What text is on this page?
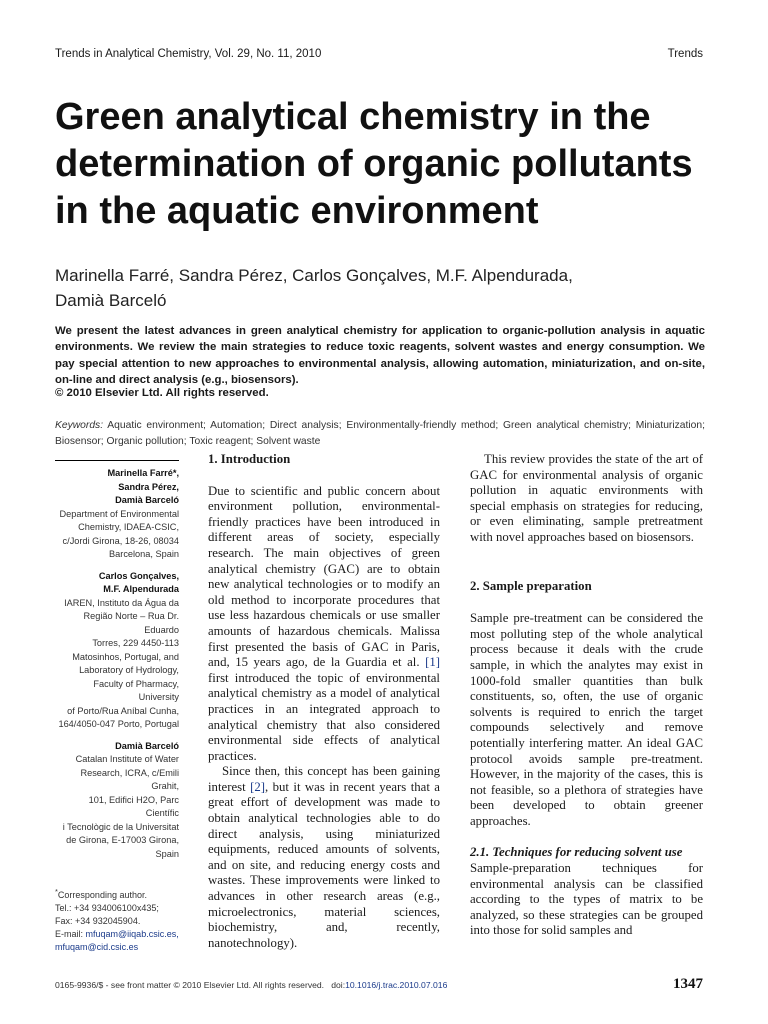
Trends in Analytical Chemistry, Vol. 29, No. 11, 2010	Trends
Green analytical chemistry in the determination of organic pollutants in the aquatic environment
Marinella Farré, Sandra Pérez, Carlos Gonçalves, M.F. Alpendurada,
Damià Barceló

We present the latest advances in green analytical chemistry for application to organic-pollution analysis in aquatic environments. We review the main strategies to reduce toxic reagents, solvent wastes and energy consumption. We pay special attention to new approaches to environmental analysis, allowing automation, miniaturization, and on-site, on-line and direct analysis (e.g., biosensors).

© 2010 Elsevier Ltd. All rights reserved.
Keywords: Aquatic environment; Automation; Direct analysis; Environmentally-friendly method; Green analytical chemistry; Miniaturization; Biosensor; Organic pollution; Toxic reagent; Solvent waste
Marinella Farré*,
Sandra Pérez,
Damià Barceló
Department of Environmental
Chemistry, IDAEA-CSIC,
c/Jordi Girona, 18-26, 08034
Barcelona, Spain
Carlos Gonçalves,
M.F. Alpendurada
IAREN, Instituto da Água da
Região Norte – Rua Dr. Eduardo
Torres, 229 4450-113
Matosinhos, Portugal, and
Laboratory of Hydrology,
Faculty of Pharmacy, University
of Porto/Rua Aníbal Cunha,
164/4050-047 Porto, Portugal
Damià Barceló
Catalan Institute of Water
Research, ICRA, c/Emili Grahit,
101, Edifici H2O, Parc Científic
i Tecnològic de la Universitat
de Girona, E-17003 Girona,
Spain
*Corresponding author.
Tel.: +34 934006100x435;
Fax: +34 932045904.
E-mail: mfuqam@iiqab.csic.es,
mfuqam@cid.csic.es

1. Introduction

Due to scientific and public concern about environment pollution, environmental-friendly practices have been introduced in different areas of society, especially research. The main objectives of green analytical chemistry (GAC) are to obtain new analytical technologies or to modify an old method to incorporate procedures that use less hazardous chemicals or use smaller amounts of hazardous chemicals. Malissa first presented the basis of GAC in Paris, and, 15 years ago, de la Guardia et al. [1] first introduced the topic of environmental analytical chemistry as a model of analytical practices in an integrated approach to analytical chemistry that also considered environmental side effects of analytical practices.

Since then, this concept has been gaining interest [2], but it was in recent years that a great effort of development was made to obtain analytical technologies able to do direct analysis, using miniaturized equipments, reduced amounts of solvents, and on site, and reducing energy costs and wastes. These improvements were linked to advances in other research areas (e.g., microelectronics, material sciences, biochemistry, and, recently, nanotechnology).

This review provides the state of the art of GAC for environmental analysis of organic pollution in aquatic environments with special emphasis on strategies for reducing, or even eliminating, sample pretreatment with novel approaches based on biosensors.

2. Sample preparation

Sample pre-treatment can be considered the most polluting step of the whole analytical process because it deals with the crude sample, in which the analytes may exist in 1000-fold smaller quantities than bulk constituents, so, often, the use of organic solvents is required to enrich the target compounds selectively and remove potentially interfering matter. An ideal GAC protocol avoids sample pre-treatment. However, in the majority of the cases, this is not feasible, so a plethora of strategies have been developed to obtain greener approaches.

2.1. Techniques for reducing solvent use

Sample-preparation techniques for environmental analysis can be classified according to the types of matrix to be analyzed, so these strategies can be grouped into those for solid samples and

0165-9936/$ - see front matter © 2010 Elsevier Ltd. All rights reserved. doi:10.1016/j.trac.2010.07.016	1347
